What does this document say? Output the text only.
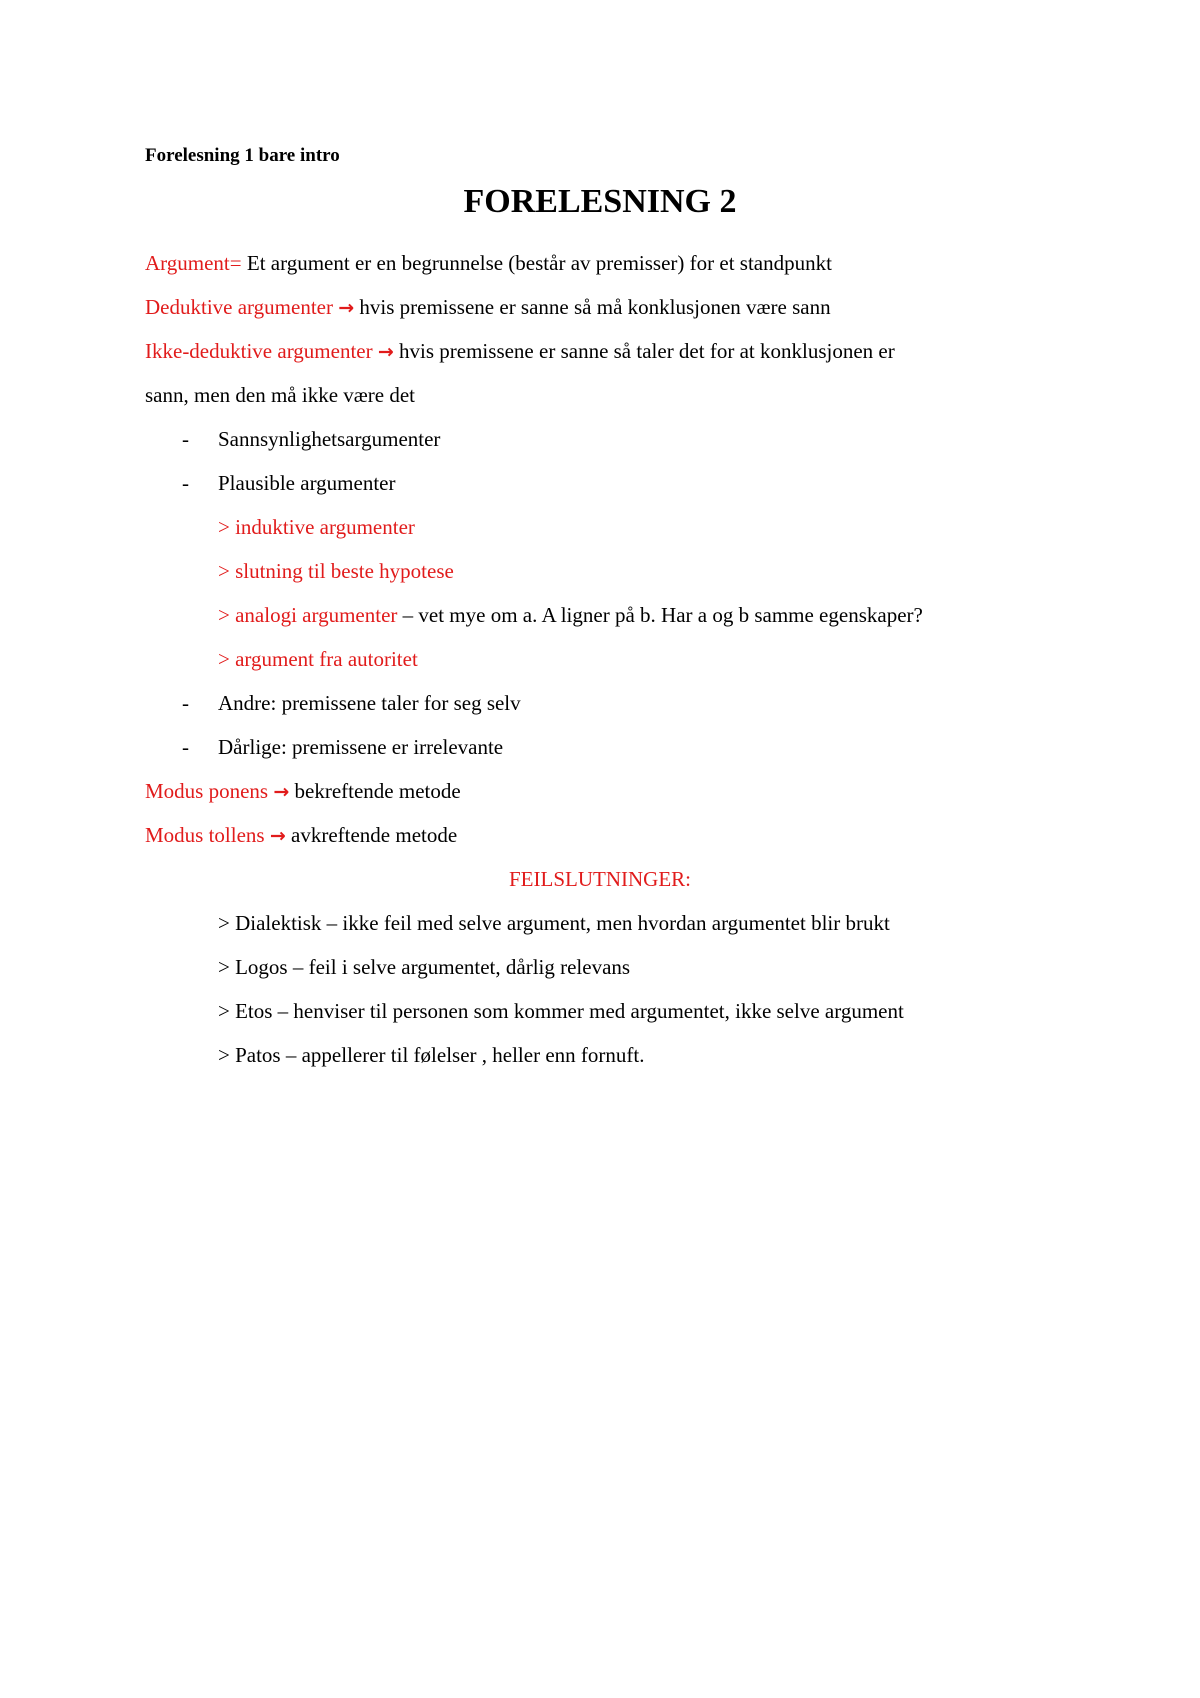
Forelesning 1 bare intro
FORELESNING 2
Argument= Et argument er en begrunnelse (består av premisser) for et standpunkt
Deduktive argumenter → hvis premissene er sanne så må konklusjonen være sann
Ikke-deduktive argumenter → hvis premissene er sanne så taler det for at konklusjonen er
sann, men den må ikke være det
- Sannsynlighetsargumenter
- Plausible argumenter
> induktive argumenter
> slutning til beste hypotese
> analogi argumenter – vet mye om a. A ligner på b. Har a og b samme egenskaper?
> argument fra autoritet
- Andre: premissene taler for seg selv
- Dårlige: premissene er irrelevante
Modus ponens → bekreftende metode
Modus tollens → avkreftende metode
FEILSLUTNINGER:
> Dialektisk – ikke feil med selve argument, men hvordan argumentet blir brukt
> Logos – feil i selve argumentet, dårlig relevans
> Etos – henviser til personen som kommer med argumentet, ikke selve argument
> Patos – appellerer til følelser , heller enn fornuft.
